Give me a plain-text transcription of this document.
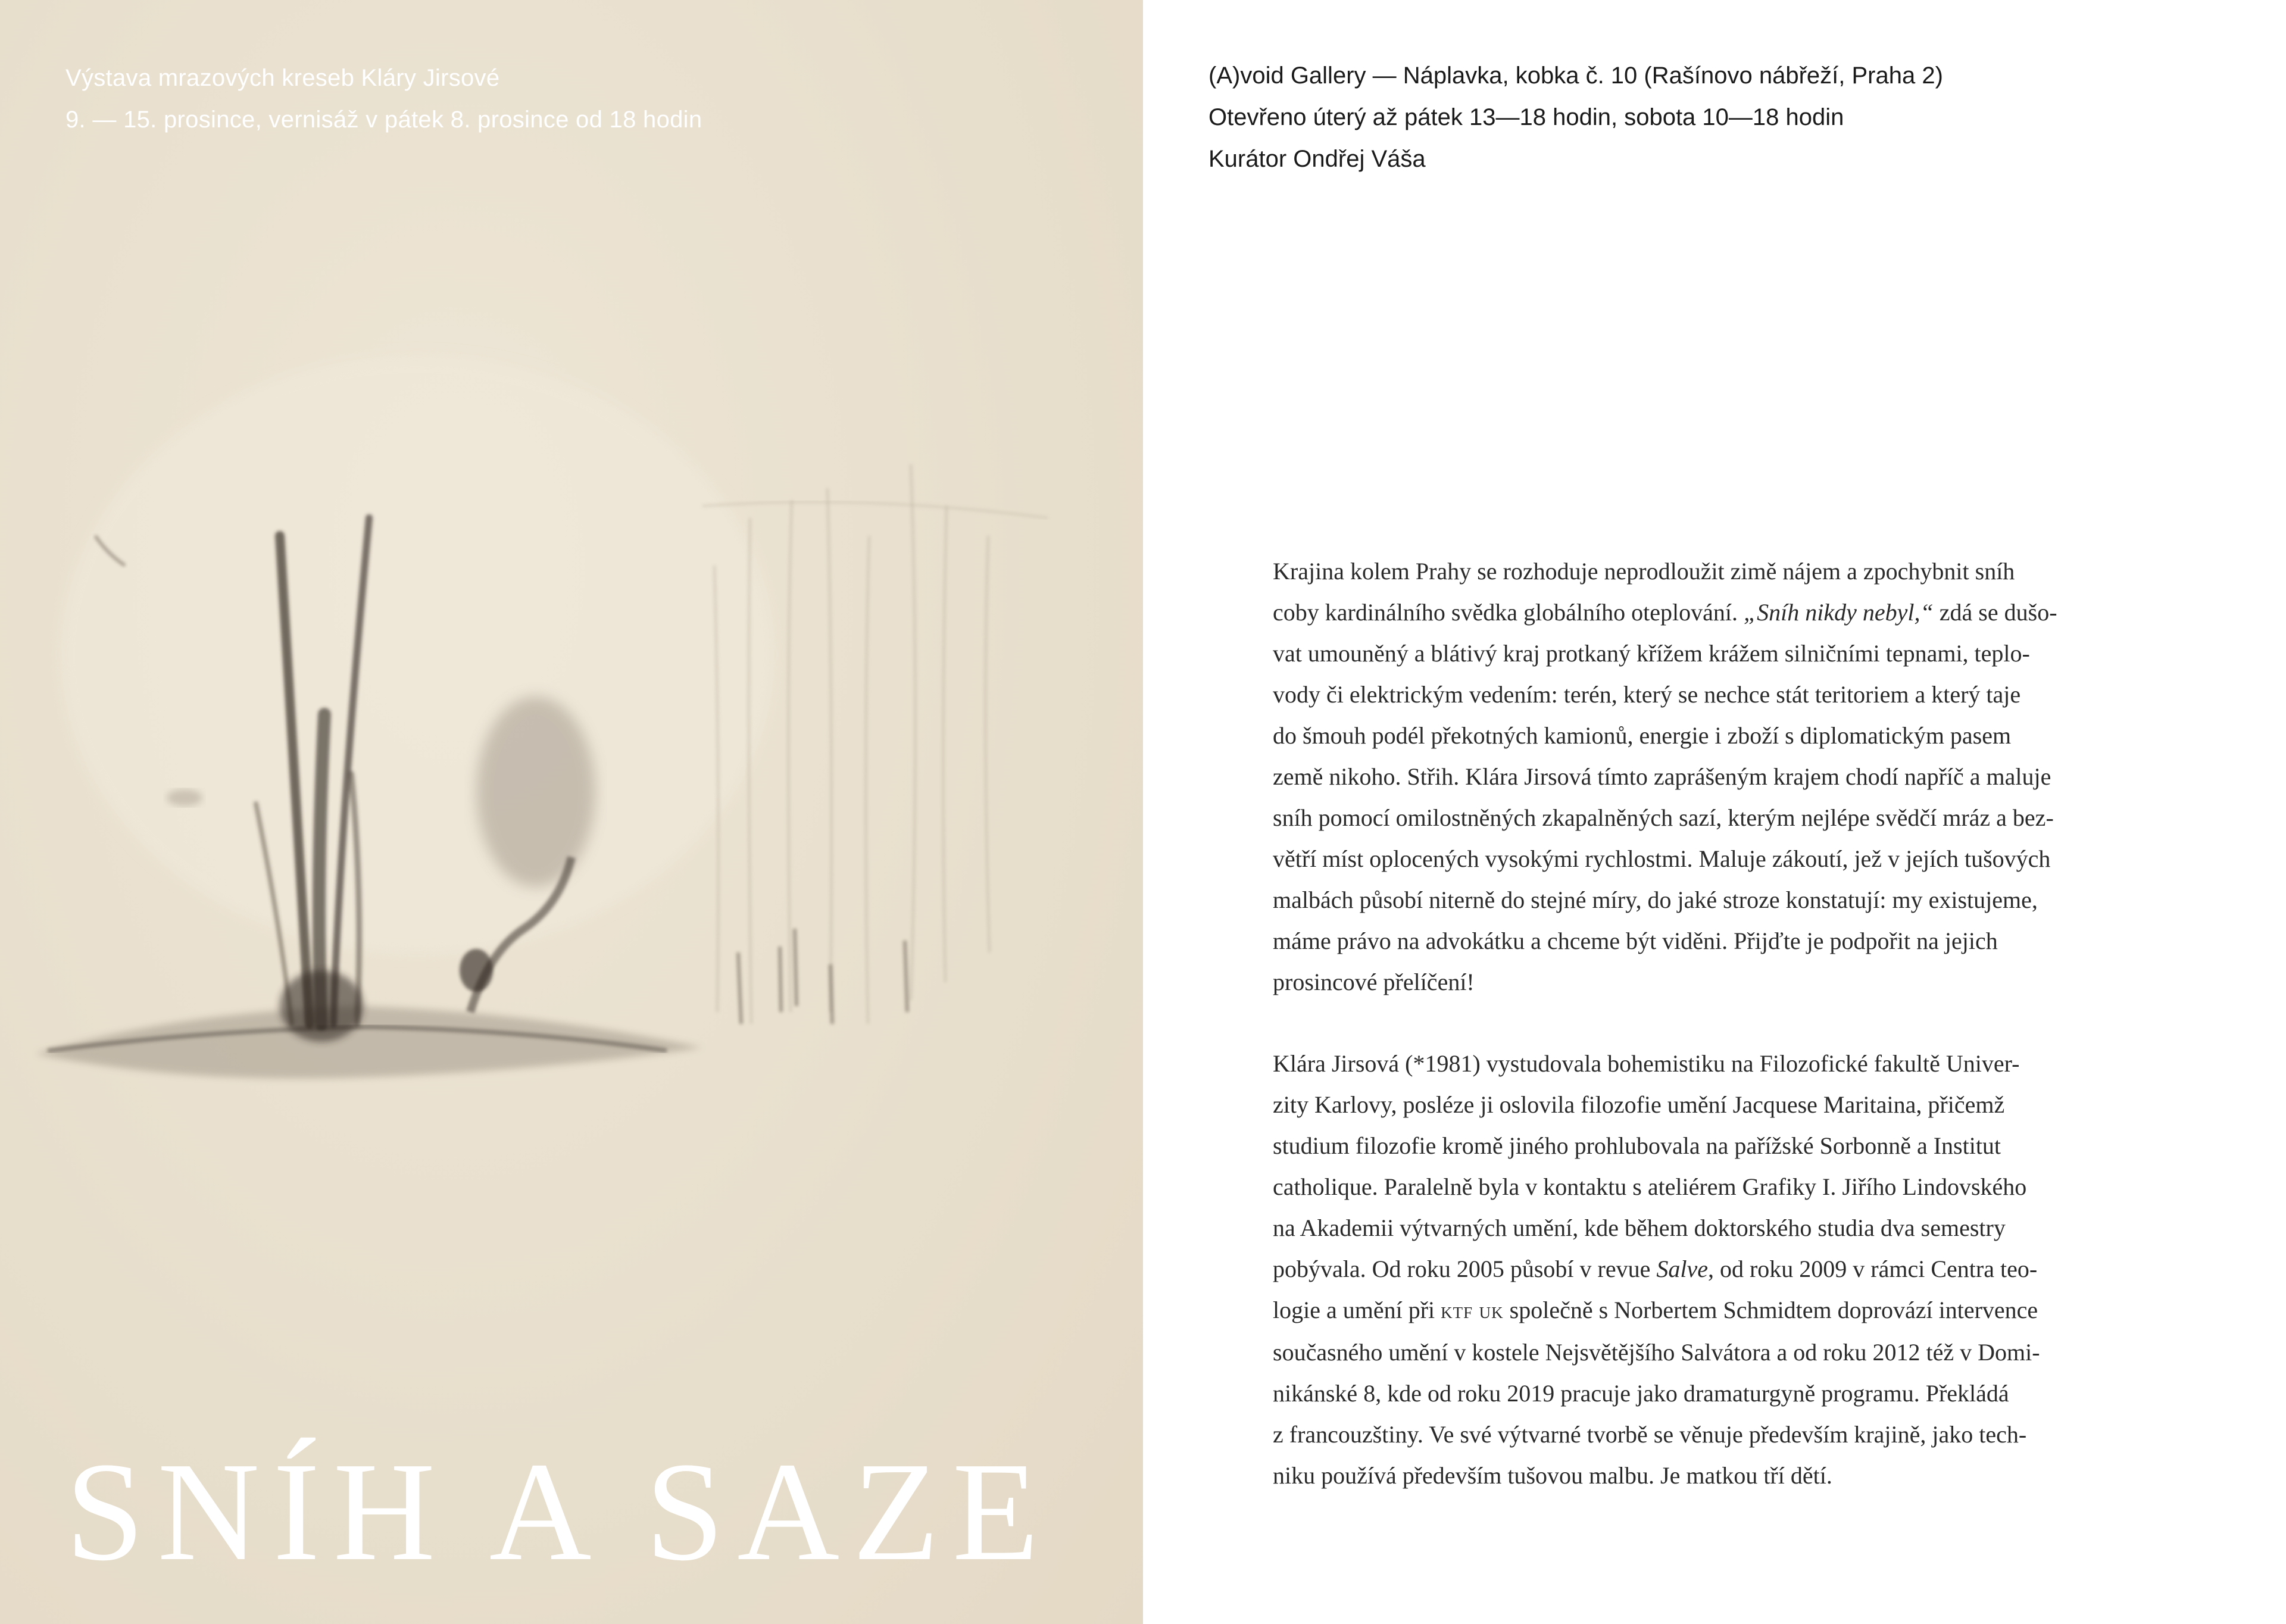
Výstava mrazových kreseb Kláry Jirsové
9. — 15. prosince, vernisáž v pátek 8. prosince od 18 hodin
SNÍH A SAZE
(A)void Gallery — Náplavka, kobka č. 10 (Rašínovo nábřeží, Praha 2)
Otevřeno úterý až pátek 13—18 hodin, sobota 10—18 hodin
Kurátor Ondřej Váša
Krajina kolem Prahy se rozhoduje neprodloužit zimě nájem a zpochybnit sníh
coby kardinálního svědka globálního oteplování. „Sníh nikdy nebyl,“ zdá se dušo-
vat umouněný a blátivý kraj protkaný křížem krážem silničními tepnami, teplo-
vody či elektrickým vedením: terén, který se nechce stát teritoriem a který taje
do šmouh podél překotných kamionů, energie i zboží s diplomatickým pasem
země nikoho. Střih. Klára Jirsová tímto zaprášeným krajem chodí napříč a maluje
sníh pomocí omilostněných zkapalněných sazí, kterým nejlépe svědčí mráz a bez-
větří míst oplocených vysokými rychlostmi. Maluje zákoutí, jež v jejích tušových
malbách působí niterně do stejné míry, do jaké stroze konstatují: my existujeme,
máme právo na advokátku a chceme být viděni. Přijďte je podpořit na jejich
prosincové přelíčení!
Klára Jirsová (*1981) vystudovala bohemistiku na Filozofické fakultě Univer-
zity Karlovy, posléze ji oslovila filozofie umění Jacquese Maritaina, přičemž
studium filozofie kromě jiného prohlubovala na pařížské Sorbonně a Institut
catholique. Paralelně byla v kontaktu s ateliérem Grafiky I. Jiřího Lindovského
na Akademii výtvarných umění, kde během doktorského studia dva semestry
pobývala. Od roku 2005 působí v revue Salve, od roku 2009 v rámci Centra teo-
logie a umění při ktf uk společně s Norbertem Schmidtem doprovází intervence
současného umění v kostele Nejsvětějšího Salvátora a od roku 2012 též v Domi-
nikánské 8, kde od roku 2019 pracuje jako dramaturgyně programu. Překládá
z francouzštiny. Ve své výtvarné tvorbě se věnuje především krajině, jako tech-
niku používá především tušovou malbu. Je matkou tří dětí.
